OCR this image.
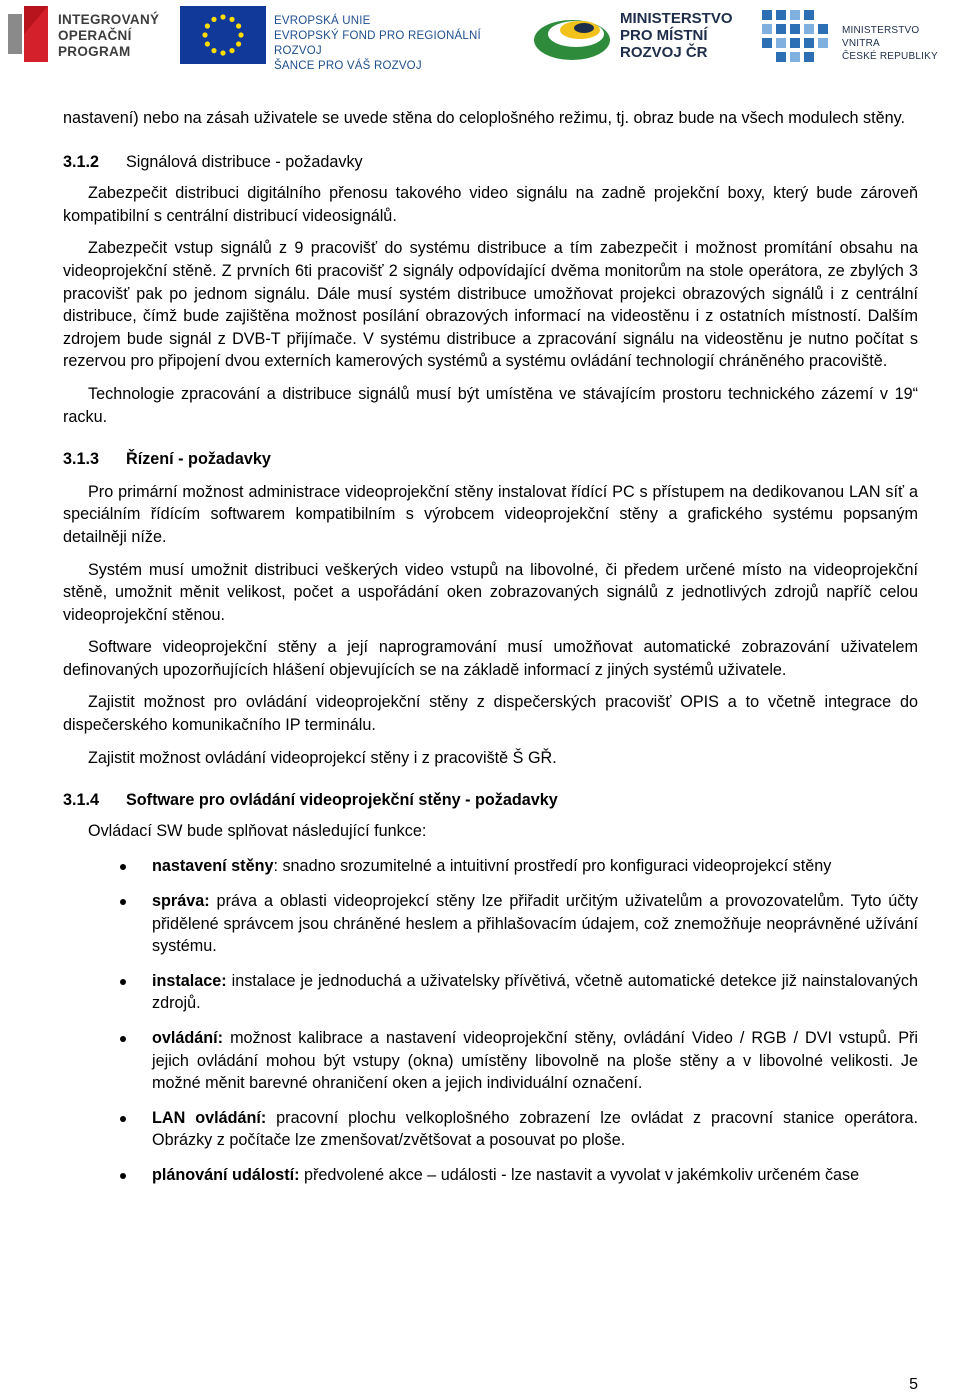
INTEGROVANÝ
OPERAČNÍ
PROGRAM
EVROPSKÁ UNIE
EVROPSKÝ FOND PRO REGIONÁLNÍ ROZVOJ
ŠANCE PRO VÁŠ ROZVOJ
MINISTERSTVO
PRO MÍSTNÍ
ROZVOJ ČR
MINISTERSTVO VNITRA
ČESKÉ REPUBLIKY

nastavení) nebo na zásah uživatele se uvede stěna do celoplošného režimu, tj. obraz bude na všech modulech stěny.

3.1.2 Signálová distribuce - požadavky

Zabezpečit distribuci digitálního přenosu takového video signálu na zadně projekční boxy, který bude zároveň kompatibilní s centrální distribucí videosignálů.

Zabezpečit vstup signálů z 9 pracovišť do systému distribuce a tím zabezpečit i možnost promítání obsahu na videoprojekční stěně. Z prvních 6ti pracovišť 2 signály odpovídající dvěma monitorům na stole operátora, ze zbylých 3 pracovišť pak po jednom signálu. Dále musí systém distribuce umožňovat projekci obrazových signálů i z centrální distribuce, čímž bude zajištěna možnost posílání obrazových informací na videostěnu i z ostatních místností. Dalším zdrojem bude signál z DVB-T přijímače. V systému distribuce a zpracování signálu na videostěnu je nutno počítat s rezervou pro připojení dvou externích kamerových systémů a systému ovládání technologií chráněného pracoviště.

Technologie zpracování a distribuce signálů musí být umístěna ve stávajícím prostoru technického zázemí v 19“ racku.

3.1.3 Řízení - požadavky

Pro primární možnost administrace videoprojekční stěny instalovat řídící PC s přístupem na dedikovanou LAN síť a speciálním řídícím softwarem kompatibilním s výrobcem videoprojekční stěny a grafického systému popsaným detailněji níže.

Systém musí umožnit distribuci veškerých video vstupů na libovolné, či předem určené místo na videoprojekční stěně, umožnit měnit velikost, počet a uspořádání oken zobrazovaných signálů z jednotlivých zdrojů napříč celou videoprojekční stěnou.

Software videoprojekční stěny a její naprogramování musí umožňovat automatické zobrazování uživatelem definovaných upozorňujících hlášení objevujících se na základě informací z jiných systémů uživatele.

Zajistit možnost pro ovládání videoprojekční stěny z dispečerských pracovišť OPIS a to včetně integrace do dispečerského komunikačního IP terminálu.

Zajistit možnost ovládání videoprojekcí stěny i z pracoviště Š GŘ.

3.1.4 Software pro ovládání videoprojekční stěny - požadavky

Ovládací SW bude splňovat následující funkce:

nastavení stěny: snadno srozumitelné a intuitivní prostředí pro konfiguraci videoprojekcí stěny
správa: práva a oblasti videoprojekcí stěny lze přiřadit určitým uživatelům a provozovatelům. Tyto účty přidělené správcem jsou chráněné heslem a přihlašovacím údajem, což znemožňuje neoprávněné užívání systému.
instalace: instalace je jednoduchá a uživatelsky přívětivá, včetně automatické detekce již nainstalovaných zdrojů.
ovládání: možnost kalibrace a nastavení videoprojekční stěny, ovládání Video / RGB / DVI vstupů. Při jejich ovládání mohou být vstupy (okna) umístěny libovolně na ploše stěny a v libovolné velikosti. Je možné měnit barevné ohraničení oken a jejich individuální označení.
LAN ovládání: pracovní plochu velkoplošného zobrazení lze ovládat z pracovní stanice operátora. Obrázky z počítače lze zmenšovat/zvětšovat a posouvat po ploše.
plánování událostí: předvolené akce – události - lze nastavit a vyvolat v jakémkoliv určeném čase
5
